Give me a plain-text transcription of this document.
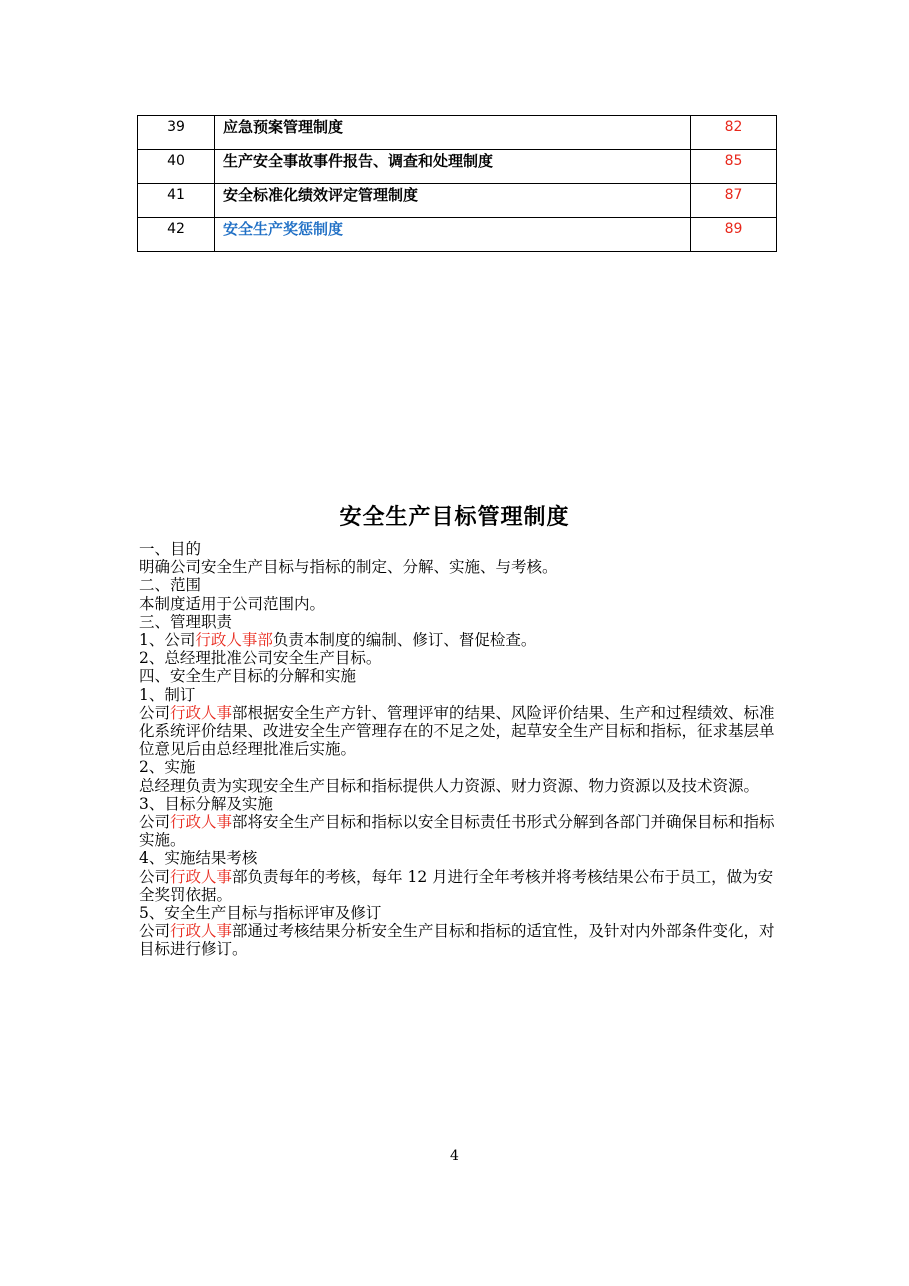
39	应急预案管理制度	82
40	生产安全事故事件报告、调查和处理制度	85
41	安全标准化绩效评定管理制度	87
42	安全生产奖惩制度	89
安全生产目标管理制度

一、目的

明确公司安全生产目标与指标的制定、分解、实施、与考核。

二、范围

本制度适用于公司范围内。

三、管理职责

1、公司行政人事部负责本制度的编制、修订、督促检查。

2、总经理批准公司安全生产目标。

四、安全生产目标的分解和实施

1、制订

公司行政人事部根据安全生产方针、管理评审的结果、风险评价结果、生产和过程绩效、标准化系统评价结果、改进安全生产管理存在的不足之处，起草安全生产目标和指标，征求基层单位意见后由总经理批准后实施。

2、实施

总经理负责为实现安全生产目标和指标提供人力资源、财力资源、物力资源以及技术资源。

3、目标分解及实施

公司行政人事部将安全生产目标和指标以安全目标责任书形式分解到各部门并确保目标和指标实施。

4、实施结果考核

公司行政人事部负责每年的考核，每年 12 月进行全年考核并将考核结果公布于员工，做为安全奖罚依据。

5、安全生产目标与指标评审及修订

公司行政人事部通过考核结果分析安全生产目标和指标的适宜性，及针对内外部条件变化，对目标进行修订。

4
